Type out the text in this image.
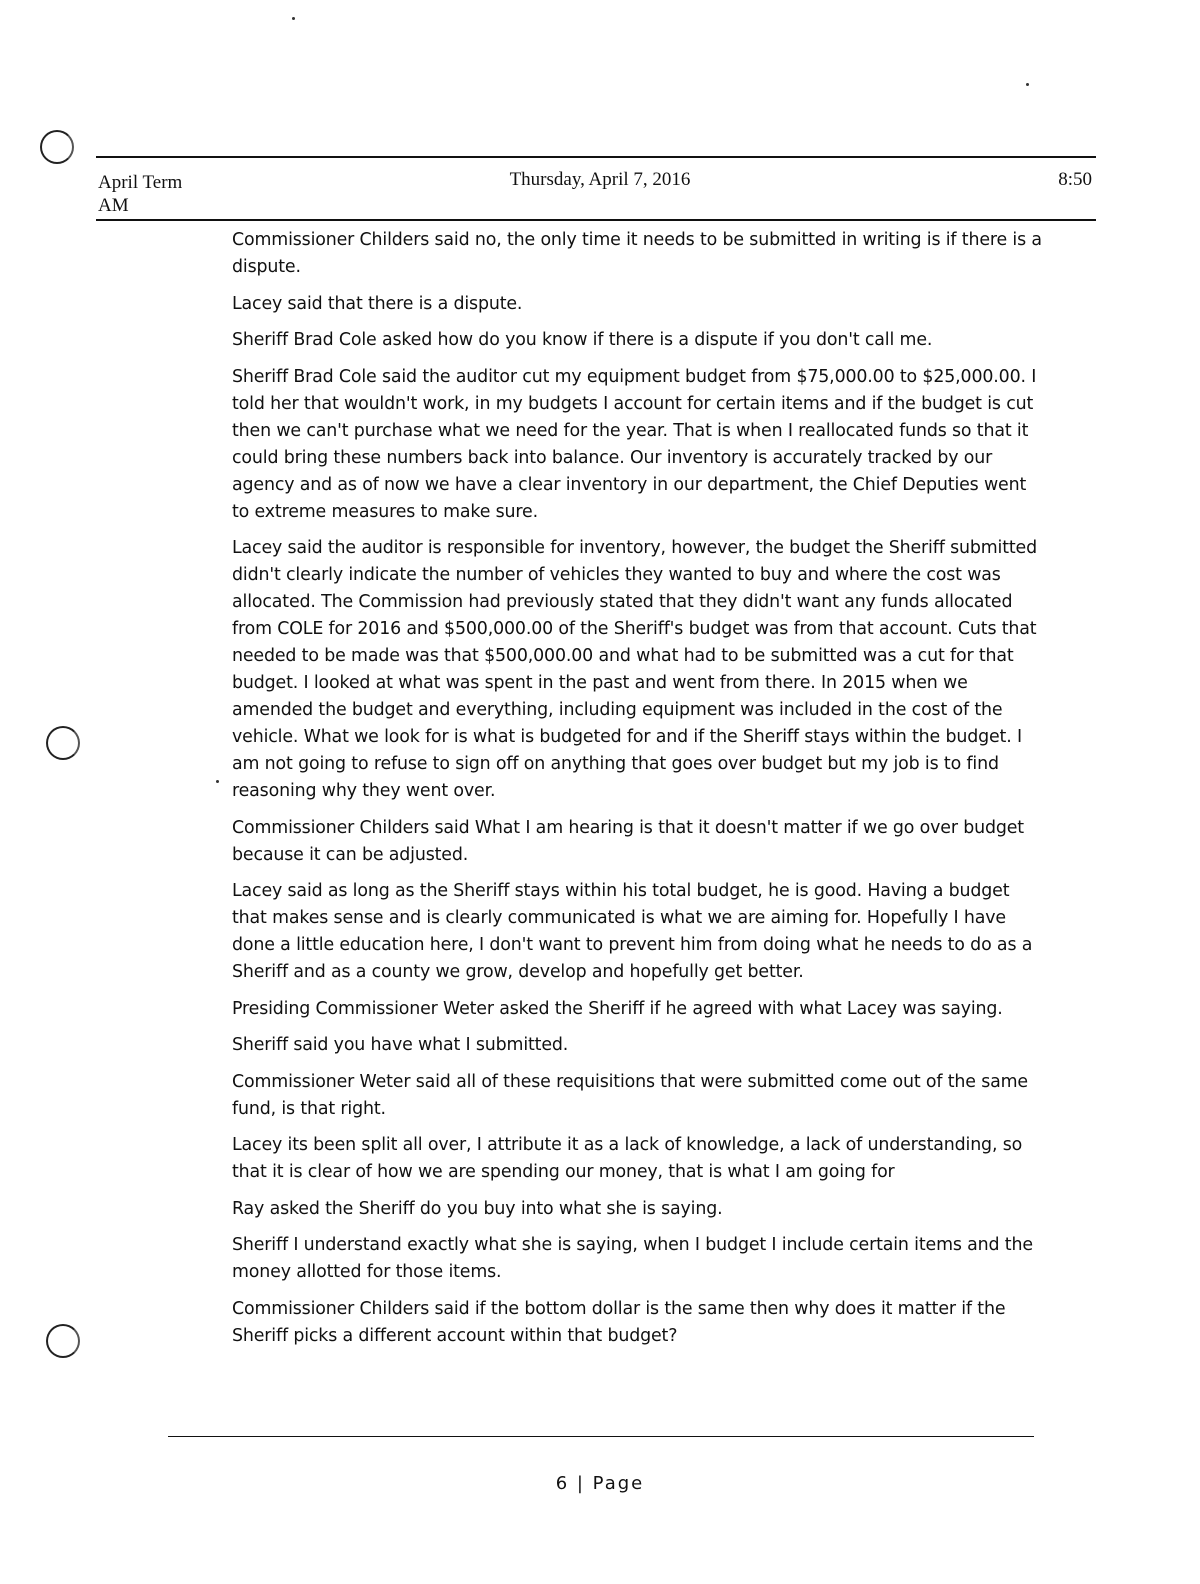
April Term
AM
Thursday, April 7, 2016	8:50

Commissioner Childers said no, the only time it needs to be submitted in writing is if there is a dispute.

Lacey said that there is a dispute.

Sheriff Brad Cole asked how do you know if there is a dispute if you don't call me.

Sheriff Brad Cole said the auditor cut my equipment budget from $75,000.00 to $25,000.00. I told her that wouldn't work, in my budgets I account for certain items and if the budget is cut then we can't purchase what we need for the year. That is when I reallocated funds so that it could bring these numbers back into balance. Our inventory is accurately tracked by our agency and as of now we have a clear inventory in our department, the Chief Deputies went to extreme measures to make sure.

Lacey said the auditor is responsible for inventory, however, the budget the Sheriff submitted didn't clearly indicate the number of vehicles they wanted to buy and where the cost was allocated. The Commission had previously stated that they didn't want any funds allocated from COLE for 2016 and $500,000.00 of the Sheriff's budget was from that account. Cuts that needed to be made was that $500,000.00 and what had to be submitted was a cut for that budget. I looked at what was spent in the past and went from there. In 2015 when we amended the budget and everything, including equipment was included in the cost of the vehicle. What we look for is what is budgeted for and if the Sheriff stays within the budget. I am not going to refuse to sign off on anything that goes over budget but my job is to find reasoning why they went over.

Commissioner Childers said What I am hearing is that it doesn't matter if we go over budget because it can be adjusted.

Lacey said as long as the Sheriff stays within his total budget, he is good. Having a budget that makes sense and is clearly communicated is what we are aiming for. Hopefully I have done a little education here, I don't want to prevent him from doing what he needs to do as a Sheriff and as a county we grow, develop and hopefully get better.

Presiding Commissioner Weter asked the Sheriff if he agreed with what Lacey was saying.

Sheriff said you have what I submitted.

Commissioner Weter said all of these requisitions that were submitted come out of the same fund, is that right.

Lacey its been split all over, I attribute it as a lack of knowledge, a lack of understanding, so that it is clear of how we are spending our money, that is what I am going for

Ray asked the Sheriff do you buy into what she is saying.

Sheriff I understand exactly what she is saying, when I budget I include certain items and the money allotted for those items.

Commissioner Childers said if the bottom dollar is the same then why does it matter if the Sheriff picks a different account within that budget?

6 | Page
